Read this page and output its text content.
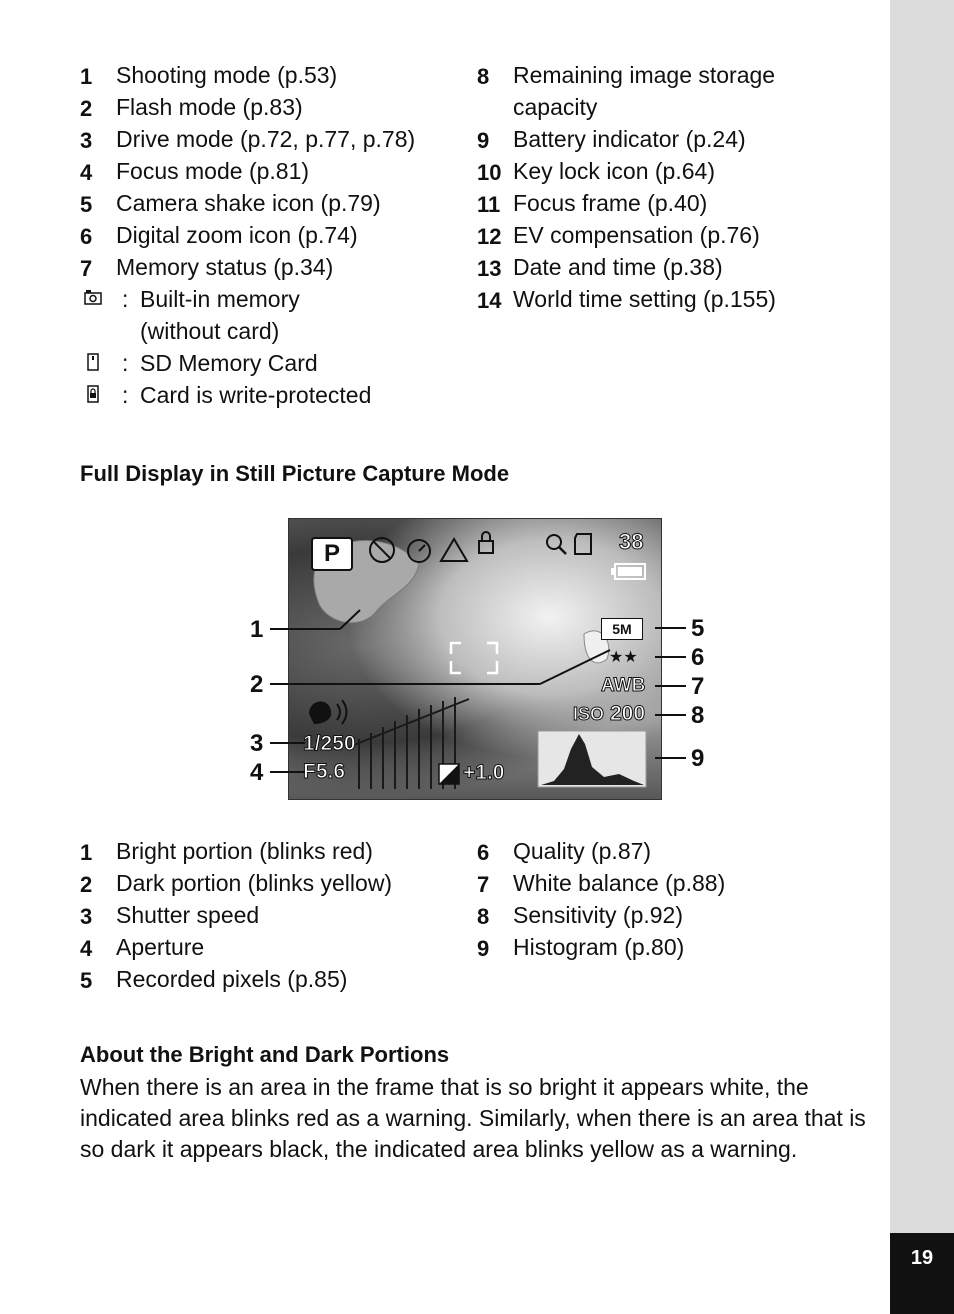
19
1 Shooting mode (p.53)
2 Flash mode (p.83)
3 Drive mode (p.72, p.77, p.78)
4 Focus mode (p.81)
5 Camera shake icon (p.79)
6 Digital zoom icon (p.74)
7 Memory status (p.34)
: Built-in memory
(without card)
: SD Memory Card
: Card is write-protected
8 Remaining image storage
capacity
9 Battery indicator (p.24)
10 Key lock icon (p.64)
11 Focus frame (p.40)
12 EV compensation (p.76)
13 Date and time (p.38)
14 World time setting (p.155)
Full Display in Still Picture Capture Mode
P	38
5M
★★
AWB
ISO 200
1/250
F5.6	+1.0
1
2
3
4
5
6
7
8
9
1 Bright portion (blinks red)
2 Dark portion (blinks yellow)
3 Shutter speed
4 Aperture
5 Recorded pixels (p.85)
6 Quality (p.87)
7 White balance (p.88)
8 Sensitivity (p.92)
9 Histogram (p.80)
About the Bright and Dark Portions
When there is an area in the frame that is so bright it appears white, the indicated area blinks red as a warning. Similarly, when there is an area that is so dark it appears black, the indicated area blinks yellow as a warning.
